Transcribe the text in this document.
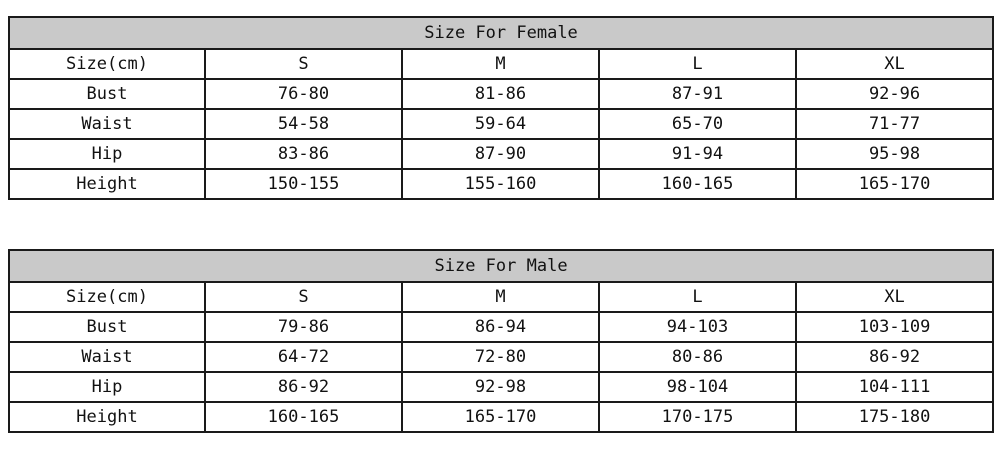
Size For Female				
Size(cm)	S	M	L	XL
Bust	76-80	81-86	87-91	92-96
Waist	54-58	59-64	65-70	71-77
Hip	83-86	87-90	91-94	95-98
Height	150-155	155-160	160-165	165-170
Size For Male				
Size(cm)	S	M	L	XL
Bust	79-86	86-94	94-103	103-109
Waist	64-72	72-80	80-86	86-92
Hip	86-92	92-98	98-104	104-111
Height	160-165	165-170	170-175	175-180
